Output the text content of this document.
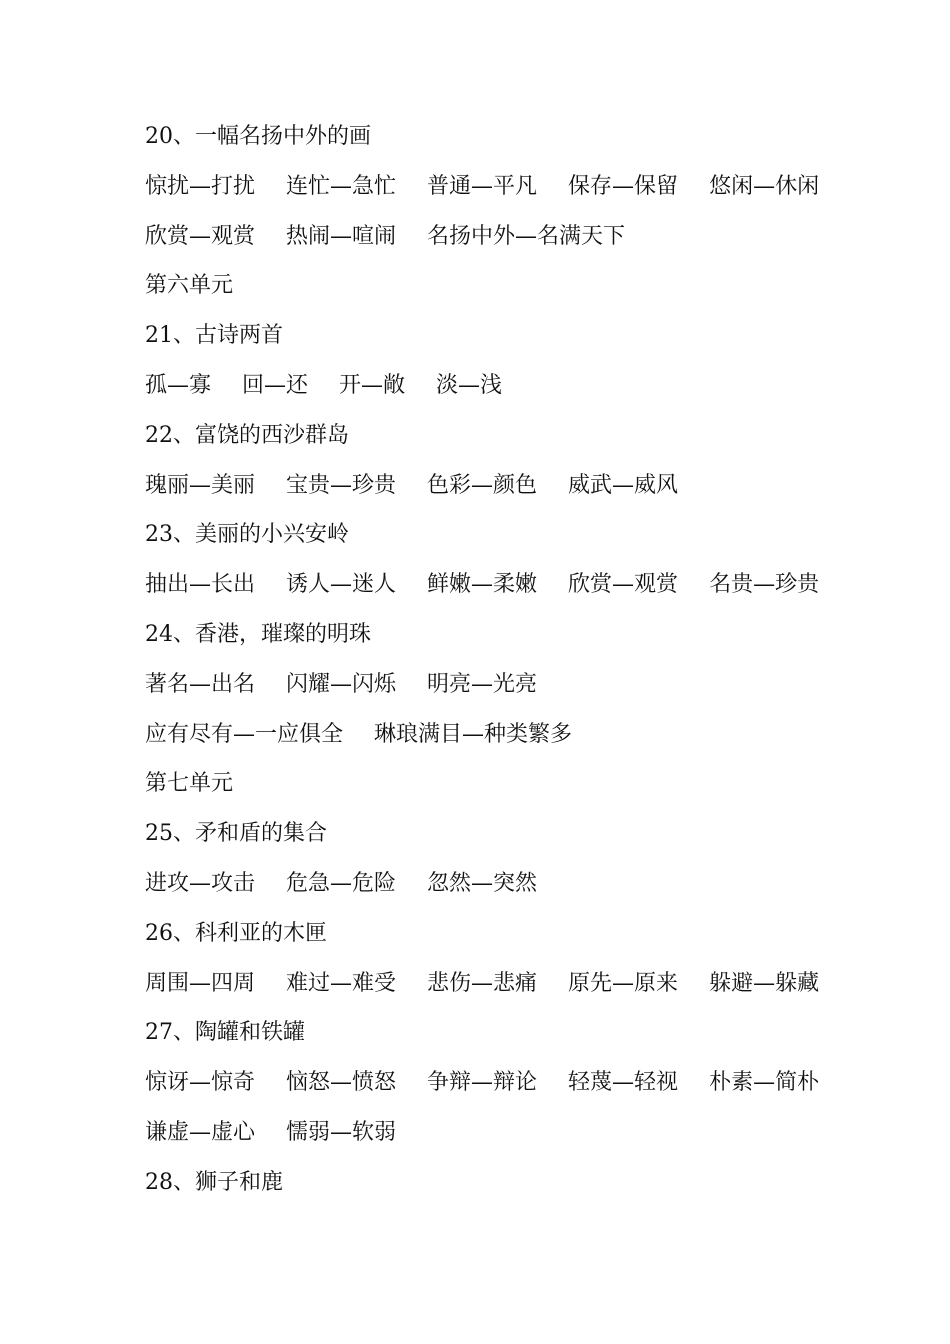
20、一幅名扬中外的画
惊扰—打扰 连忙—急忙 普通—平凡 保存—保留 悠闲—休闲
欣赏—观赏 热闹—喧闹 名扬中外—名满天下
第六单元
21、古诗两首
孤—寡 回—还 开—敞 淡—浅
22、富饶的西沙群岛
瑰丽—美丽 宝贵—珍贵 色彩—颜色 威武—威风
23、美丽的小兴安岭
抽出—长出 诱人—迷人 鲜嫩—柔嫩 欣赏—观赏 名贵—珍贵
24、香港，璀璨的明珠
著名—出名 闪耀—闪烁 明亮—光亮
应有尽有—一应俱全 琳琅满目—种类繁多
第七单元
25、矛和盾的集合
进攻—攻击 危急—危险 忽然—突然
26、科利亚的木匣
周围—四周 难过—难受 悲伤—悲痛 原先—原来 躲避—躲藏
27、陶罐和铁罐
惊讶—惊奇 恼怒—愤怒 争辩—辩论 轻蔑—轻视 朴素—简朴
谦虚—虚心 懦弱—软弱
28、狮子和鹿
